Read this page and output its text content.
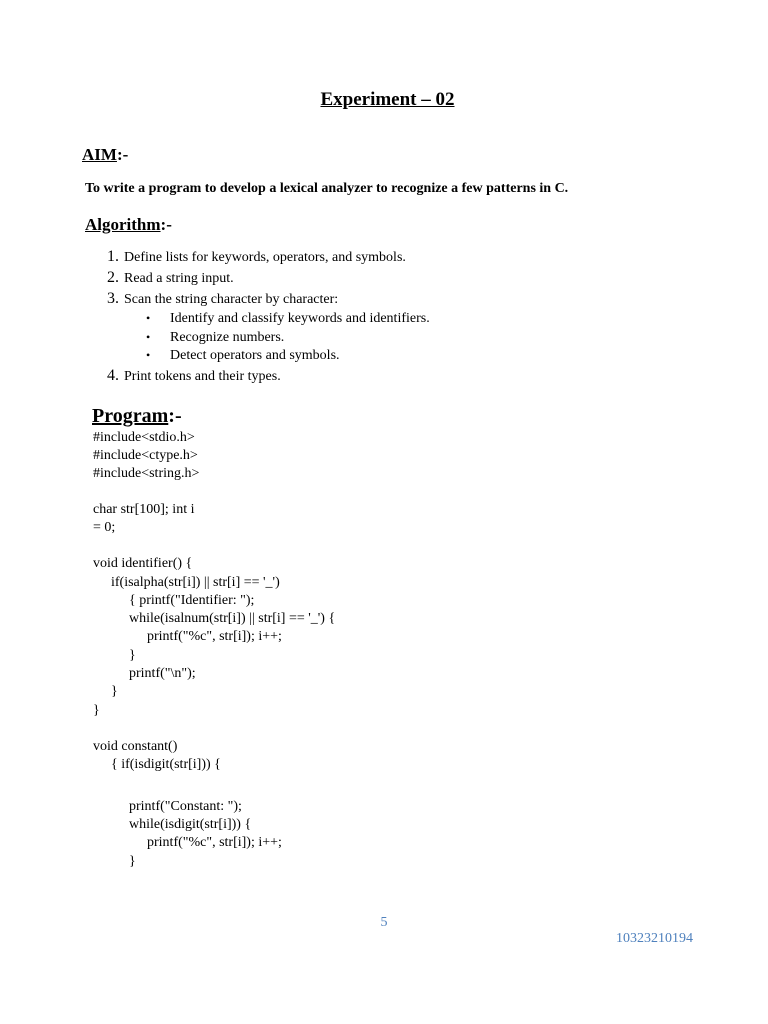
Experiment – 02
AIM:-
To write a program to develop a lexical analyzer to recognize a few patterns in C.
Algorithm:-
1. Define lists for keywords, operators, and symbols.
2. Read a string input.
3. Scan the string character by character:
• Identify and classify keywords and identifiers.
• Recognize numbers.
• Detect operators and symbols.
4. Print tokens and their types.
Program:-
#include<stdio.h>
#include<ctype.h>
#include<string.h>
char str[100]; int i
= 0;
void identifier() {
if(isalpha(str[i]) || str[i] == '_')
{ printf("Identifier: ");
while(isalnum(str[i]) || str[i] == '_') {
printf("%c", str[i]); i++;
}
printf("\n");
}
}
void constant()
{ if(isdigit(str[i])) {
printf("Constant: ");
while(isdigit(str[i])) {
printf("%c", str[i]); i++;
}
5
10323210194
